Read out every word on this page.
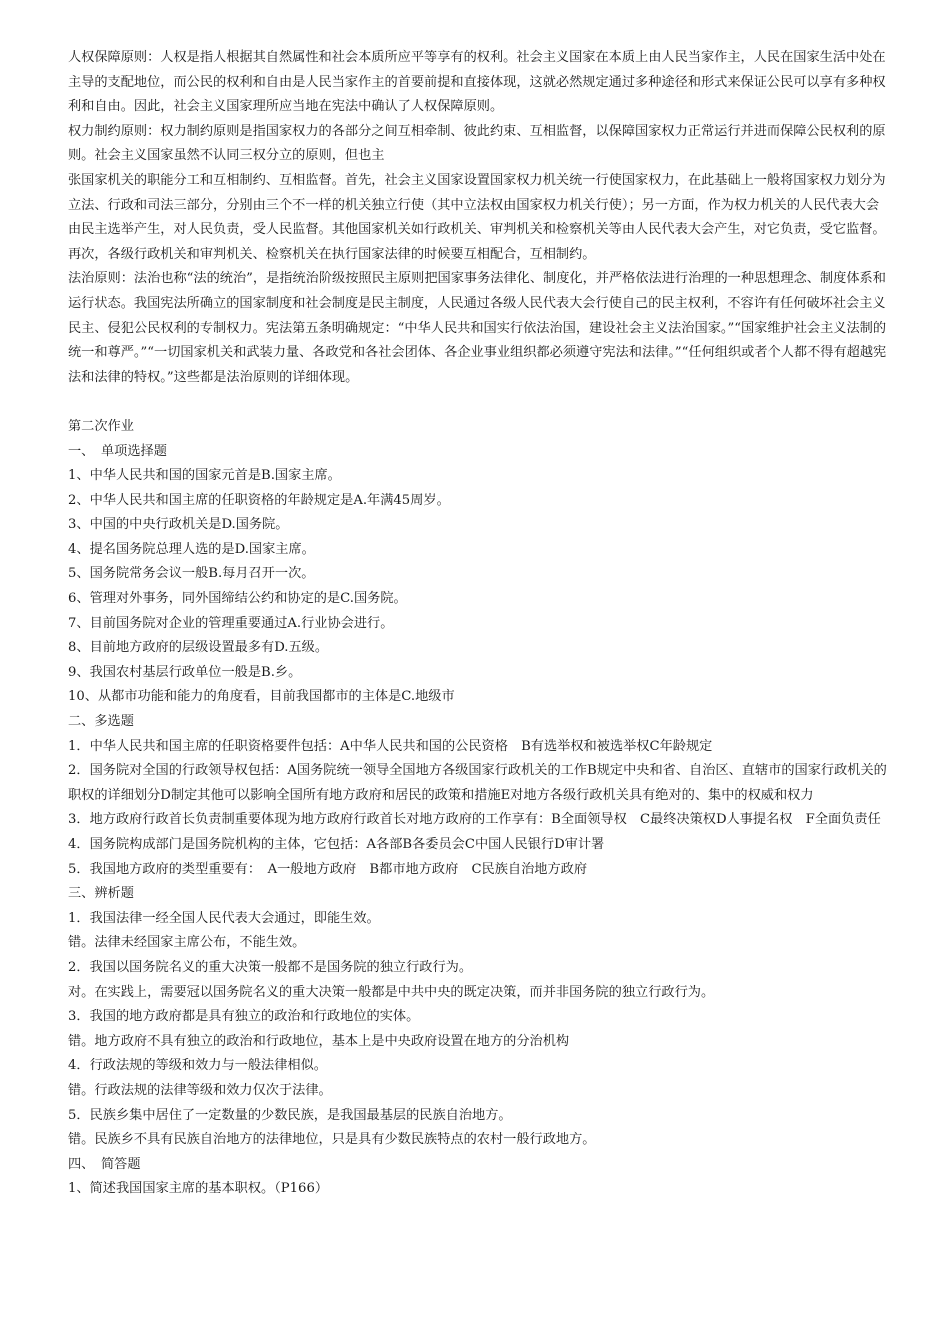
人权保障原则：人权是指人根据其自然属性和社会本质所应平等享有的权利。社会主义国家在本质上由人民当家作主，人民在国家生活中处在主导的支配地位，而公民的权利和自由是人民当家作主的首要前提和直接体现，这就必然规定通过多种途径和形式来保证公民可以享有多种权利和自由。因此，社会主义国家理所应当地在宪法中确认了人权保障原则。

权力制约原则：权力制约原则是指国家权力的各部分之间互相牵制、彼此约束、互相监督，以保障国家权力正常运行并进而保障公民权利的原则。社会主义国家虽然不认同三权分立的原则，但也主

张国家机关的职能分工和互相制约、互相监督。首先，社会主义国家设置国家权力机关统一行使国家权力，在此基础上一般将国家权力划分为立法、行政和司法三部分，分别由三个不一样的机关独立行使（其中立法权由国家权力机关行使）；另一方面，作为权力机关的人民代表大会由民主选举产生，对人民负责，受人民监督。其他国家机关如行政机关、审判机关和检察机关等由人民代表大会产生，对它负责，受它监督。再次，各级行政机关和审判机关、检察机关在执行国家法律的时候要互相配合，互相制约。

法治原则：法治也称“法的统治”，是指统治阶级按照民主原则把国家事务法律化、制度化，并严格依法进行治理的一种思想理念、制度体系和运行状态。我国宪法所确立的国家制度和社会制度是民主制度，人民通过各级人民代表大会行使自己的民主权利，不容许有任何破坏社会主义民主、侵犯公民权利的专制权力。宪法第五条明确规定：“中华人民共和国实行依法治国，建设社会主义法治国家。”“国家维护社会主义法制的统一和尊严。”“一切国家机关和武装力量、各政党和各社会团体、各企业事业组织都必须遵守宪法和法律。”“任何组织或者个人都不得有超越宪法和法律的特权。”这些都是法治原则的详细体现。

第二次作业

一、　单项选择题

1、中华人民共和国的国家元首是B.国家主席。

2、中华人民共和国主席的任职资格的年龄规定是A.年满45周岁。

3、中国的中央行政机关是D.国务院。

4、提名国务院总理人选的是D.国家主席。

5、国务院常务会议一般B.每月召开一次。

6、管理对外事务，同外国缔结公约和协定的是C.国务院。

7、目前国务院对企业的管理重要通过A.行业协会进行。

8、目前地方政府的层级设置最多有D.五级。

9、我国农村基层行政单位一般是B.乡。

10、从都市功能和能力的角度看，目前我国都市的主体是C.地级市

二、多选题

1．中华人民共和国主席的任职资格要件包括：A中华人民共和国的公民资格　B有选举权和被选举权C年龄规定

2．国务院对全国的行政领导权包括：A国务院统一领导全国地方各级国家行政机关的工作B规定中央和省、自治区、直辖市的国家行政机关的职权的详细划分D制定其他可以影响全国所有地方政府和居民的政策和措施E对地方各级行政机关具有绝对的、集中的权威和权力

3．地方政府行政首长负责制重要体现为地方政府行政首长对地方政府的工作享有：B全面领导权　C最终决策权D人事提名权　F全面负责任

4．国务院构成部门是国务院机构的主体，它包括：A各部B各委员会C中国人民银行D审计署

5．我国地方政府的类型重要有：　A一般地方政府　B都市地方政府　C民族自治地方政府

三、辨析题

1．我国法律一经全国人民代表大会通过，即能生效。

错。法律未经国家主席公布，不能生效。

2．我国以国务院名义的重大决策一般都不是国务院的独立行政行为。

对。在实践上，需要冠以国务院名义的重大决策一般都是中共中央的既定决策，而并非国务院的独立行政行为。

3．我国的地方政府都是具有独立的政治和行政地位的实体。

错。地方政府不具有独立的政治和行政地位，基本上是中央政府设置在地方的分治机构

4．行政法规的等级和效力与一般法律相似。

错。行政法规的法律等级和效力仅次于法律。

5．民族乡集中居住了一定数量的少数民族，是我国最基层的民族自治地方。

错。民族乡不具有民族自治地方的法律地位，只是具有少数民族特点的农村一般行政地方。

四、　简答题

1、简述我国国家主席的基本职权。（P166）
